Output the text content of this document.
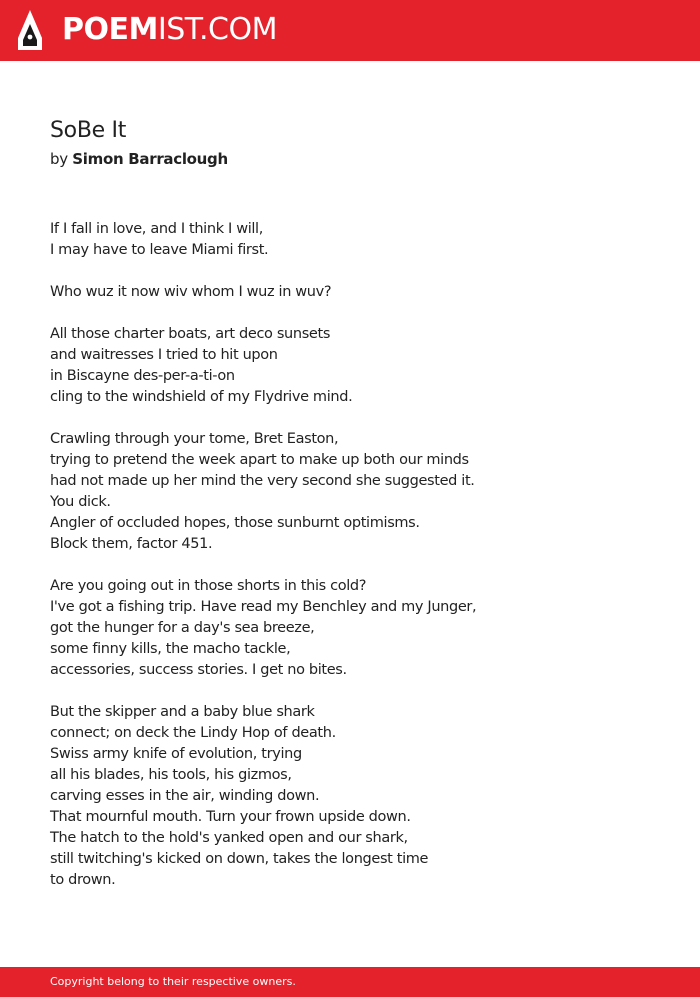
POEMIST.COM
SoBe It
by Simon Barraclough
If I fall in love, and I think I will,
I may have to leave Miami first.
Who wuz it now wiv whom I wuz in wuv?
All those charter boats, art deco sunsets
and waitresses I tried to hit upon
in Biscayne des-per-a-ti-on
cling to the windshield of my Flydrive mind.
Crawling through your tome, Bret Easton,
trying to pretend the week apart to make up both our minds
had not made up her mind the very second she suggested it.
You dick.
Angler of occluded hopes, those sunburnt optimisms.
Block them, factor 451.
Are you going out in those shorts in this cold?
I've got a fishing trip. Have read my Benchley and my Junger,
got the hunger for a day's sea breeze,
some finny kills, the macho tackle,
accessories, success stories. I get no bites.
But the skipper and a baby blue shark
connect; on deck the Lindy Hop of death.
Swiss army knife of evolution, trying
all his blades, his tools, his gizmos,
carving esses in the air, winding down.
That mournful mouth. Turn your frown upside down.
The hatch to the hold's yanked open and our shark,
still twitching's kicked on down, takes the longest time
to drown.
Copyright belong to their respective owners.
